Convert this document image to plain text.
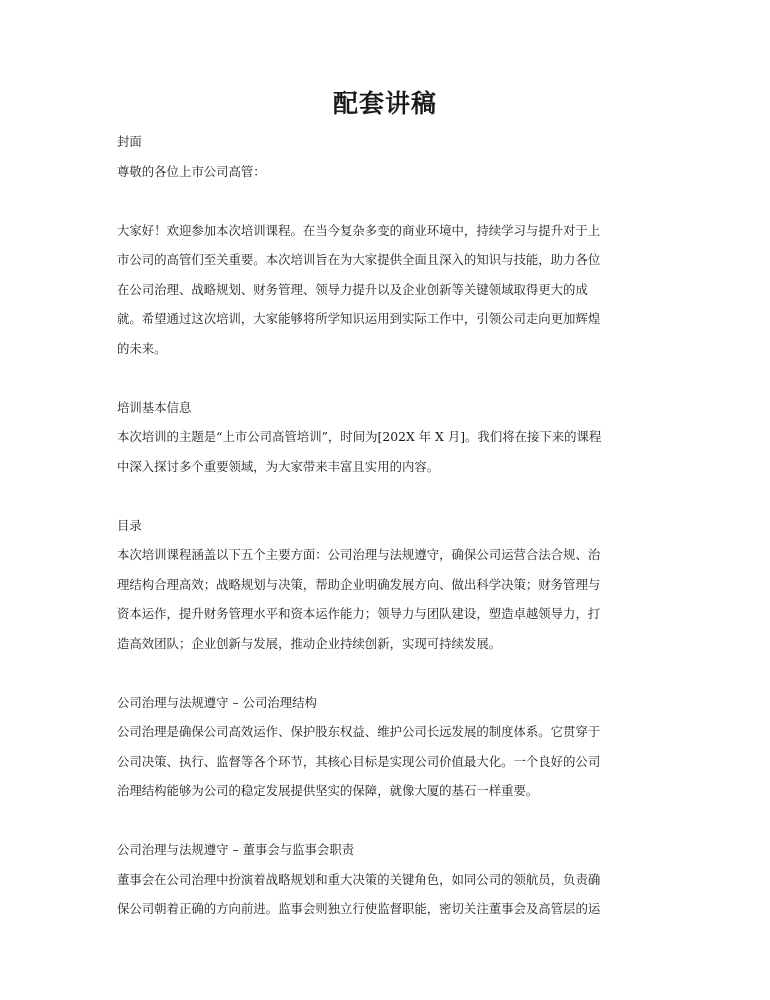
配套讲稿
封面
尊敬的各位上市公司高管：
大家好！欢迎参加本次培训课程。在当今复杂多变的商业环境中，持续学习与提升对于上
市公司的高管们至关重要。本次培训旨在为大家提供全面且深入的知识与技能，助力各位
在公司治理、战略规划、财务管理、领导力提升以及企业创新等关键领域取得更大的成
就。希望通过这次培训，大家能够将所学知识运用到实际工作中，引领公司走向更加辉煌
的未来。
培训基本信息
本次培训的主题是“上市公司高管培训”，时间为[202X 年 X 月]。我们将在接下来的课程
中深入探讨多个重要领域，为大家带来丰富且实用的内容。
目录
本次培训课程涵盖以下五个主要方面：公司治理与法规遵守，确保公司运营合法合规、治
理结构合理高效；战略规划与决策，帮助企业明确发展方向、做出科学决策；财务管理与
资本运作，提升财务管理水平和资本运作能力；领导力与团队建设，塑造卓越领导力，打
造高效团队；企业创新与发展，推动企业持续创新，实现可持续发展。
公司治理与法规遵守 – 公司治理结构
公司治理是确保公司高效运作、保护股东权益、维护公司长远发展的制度体系。它贯穿于
公司决策、执行、监督等各个环节，其核心目标是实现公司价值最大化。一个良好的公司
治理结构能够为公司的稳定发展提供坚实的保障，就像大厦的基石一样重要。
公司治理与法规遵守 – 董事会与监事会职责
董事会在公司治理中扮演着战略规划和重大决策的关键角色，如同公司的领航员，负责确
保公司朝着正确的方向前进。监事会则独立行使监督职能，密切关注董事会及高管层的运
